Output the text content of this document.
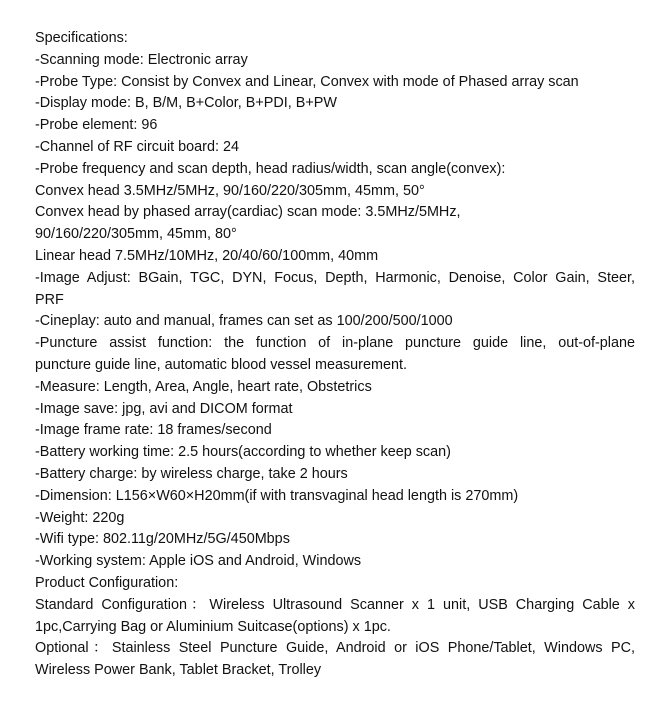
Specifications:
-Scanning mode: Electronic array
-Probe Type: Consist by Convex and Linear, Convex with mode of Phased array scan
-Display mode: B, B/M, B+Color, B+PDI, B+PW
-Probe element: 96
-Channel of RF circuit board: 24
-Probe frequency and scan depth, head radius/width, scan angle(convex):
Convex head 3.5MHz/5MHz, 90/160/220/305mm, 45mm, 50°
Convex head by phased array(cardiac) scan mode: 3.5MHz/5MHz,
90/160/220/305mm, 45mm, 80°
Linear head 7.5MHz/10MHz, 20/40/60/100mm, 40mm
-Image Adjust: BGain, TGC, DYN, Focus, Depth, Harmonic, Denoise, Color Gain, Steer,
PRF
-Cineplay: auto and manual, frames can set as 100/200/500/1000
-Puncture assist function: the function of in-plane puncture guide line, out-of-plane
puncture guide line, automatic blood vessel measurement.
-Measure: Length, Area, Angle, heart rate, Obstetrics
-Image save: jpg, avi and DICOM format
-Image frame rate: 18 frames/second
-Battery working time: 2.5 hours(according to whether keep scan)
-Battery charge: by wireless charge, take 2 hours
-Dimension: L156×W60×H20mm(if with transvaginal head length is 270mm)
-Weight: 220g
-Wifi type: 802.11g/20MHz/5G/450Mbps
-Working system: Apple iOS and Android, Windows
Product Configuration:
Standard Configuration：Wireless Ultrasound Scanner x 1 unit, USB Charging Cable x
1pc,Carrying Bag or Aluminium Suitcase(options) x 1pc.
Optional：Stainless Steel Puncture Guide, Android or iOS Phone/Tablet, Windows PC,
Wireless Power Bank, Tablet Bracket, Trolley
